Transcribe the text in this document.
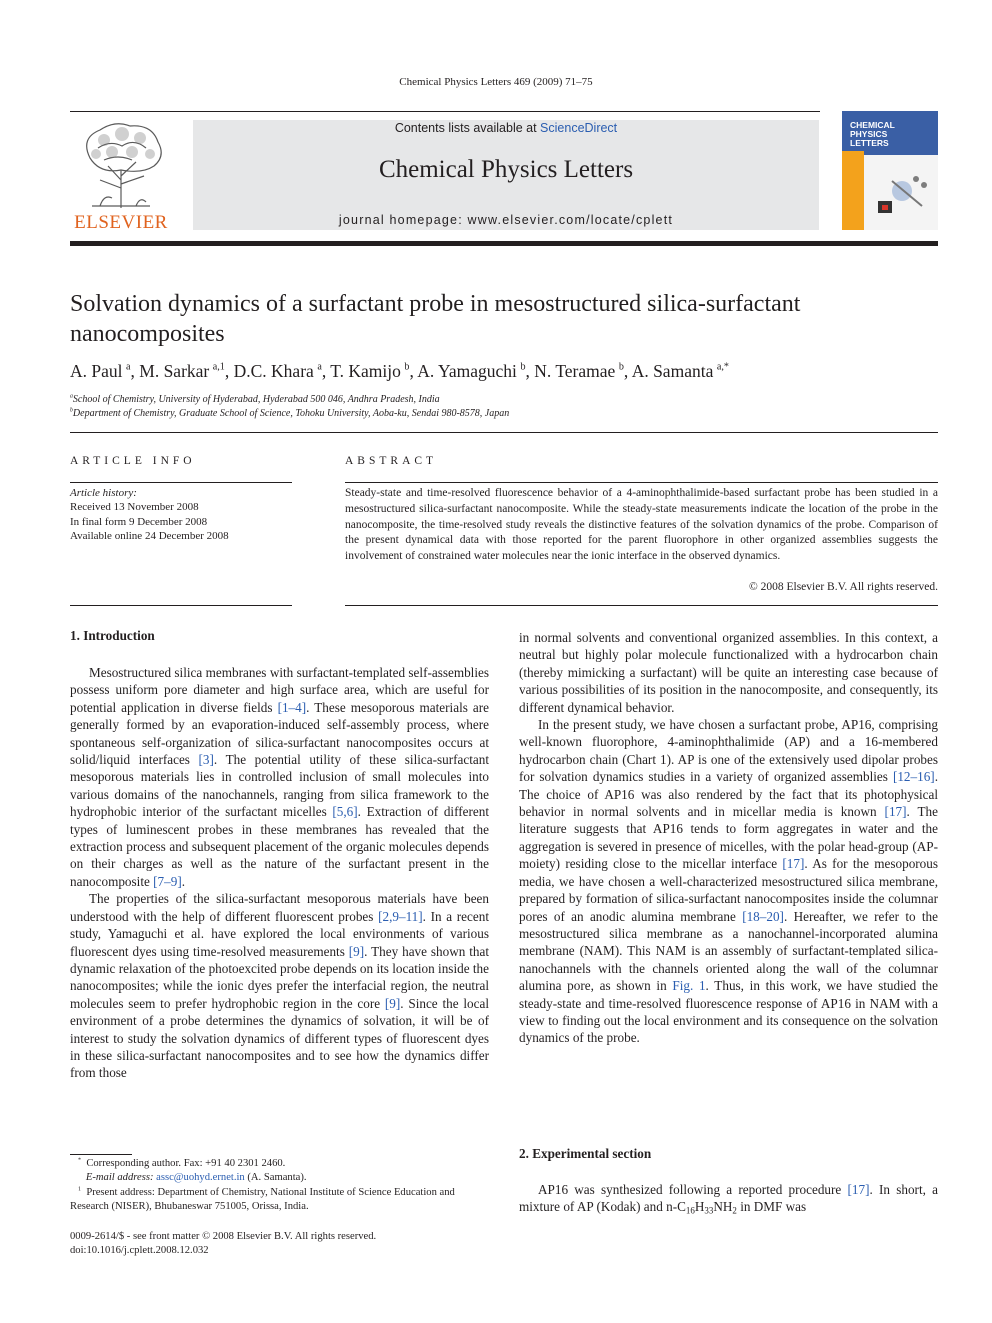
Chemical Physics Letters 469 (2009) 71–75
ELSEVIER
Contents lists available at ScienceDirect
Chemical Physics Letters
journal homepage: www.elsevier.com/locate/cplett
CHEMICAL
PHYSICS
LETTERS
Solvation dynamics of a surfactant probe in mesostructured silica-surfactant nanocomposites
A. Paul  $^a$, M. Sarkar  $^{a,1}$, D.C. Khara  $^a$, T. Kamijo  $^b$, A. Yamaguchi  $^b$, N. Teramae  $^b$, A. Samanta  $^{a,*}$
$^a$School of Chemistry, University of Hyderabad, Hyderabad 500 046, Andhra Pradesh, India
$^b$Department of Chemistry, Graduate School of Science, Tohoku University, Aoba-ku, Sendai 980-8578, Japan
ARTICLE INFO	ABSTRACT
Article history:
Received 13 November 2008
In final form 9 December 2008
Available online 24 December 2008
Steady-state and time-resolved fluorescence behavior of a 4-aminophthalimide-based surfactant probe has been studied in a mesostructured silica-surfactant nanocomposite. While the steady-state measurements indicate the location of the probe in the nanocomposite, the time-resolved study reveals the distinctive features of the solvation dynamics of the probe. Comparison of the present dynamical data with those reported for the parent fluorophore in other organized assemblies suggests the involvement of constrained water molecules near the ionic interface in the observed dynamics.
© 2008 Elsevier B.V. All rights reserved.
1. Introduction

Mesostructured silica membranes with surfactant-templated self-assemblies possess uniform pore diameter and high surface area, which are useful for potential application in diverse fields [1–4]. These mesoporous materials are generally formed by an evaporation-induced self-assembly process, where spontaneous self-organization of silica-surfactant nanocomposites occurs at solid/liquid interfaces [3]. The potential utility of these silica-surfactant mesoporous materials lies in controlled inclusion of small molecules into various domains of the nanochannels, ranging from silica framework to the hydrophobic interior of the surfactant micelles [5,6]. Extraction of different types of luminescent probes in these membranes has revealed that the extraction process and subsequent placement of the organic molecules depends on their charges as well as the nature of the surfactant present in the nanocomposite [7–9].

The properties of the silica-surfactant mesoporous materials have been understood with the help of different fluorescent probes [2,9–11]. In a recent study, Yamaguchi et al. have explored the local environments of various fluorescent dyes using time-resolved measurements [9]. They have shown that dynamic relaxation of the photoexcited probe depends on its location inside the nanocomposites; while the ionic dyes prefer the interfacial region, the neutral molecules seem to prefer hydrophobic region in the core [9]. Since the local environment of a probe determines the dynamics of solvation, it will be of interest to study the solvation dynamics of different types of fluorescent dyes in these silica-surfactant nanocomposites and to see how the dynamics differ from those

in normal solvents and conventional organized assemblies. In this context, a neutral but highly polar molecule functionalized with a hydrocarbon chain (thereby mimicking a surfactant) will be quite an interesting case because of various possibilities of its position in the nanocomposite, and consequently, its different dynamical behavior.

In the present study, we have chosen a surfactant probe, AP16, comprising well-known fluorophore, 4-aminophthalimide (AP) and a 16-membered hydrocarbon chain (Chart 1). AP is one of the extensively used dipolar probes for solvation dynamics studies in a variety of organized assemblies [12–16]. The choice of AP16 was also rendered by the fact that its photophysical behavior in normal solvents and in micellar media is known [17]. The literature suggests that AP16 tends to form aggregates in water and the aggregation is severed in presence of micelles, with the polar head-group (AP-moiety) residing close to the micellar interface [17]. As for the mesoporous media, we have chosen a well-characterized mesostructured silica membrane, prepared by formation of silica-surfactant nanocomposites inside the columnar pores of an anodic alumina membrane [18–20]. Hereafter, we refer to the mesostructured silica membrane as a nanochannel-incorporated alumina membrane (NAM). This NAM is an assembly of surfactant-templated silica-nanochannels with the channels oriented along the wall of the columnar alumina pore, as shown in Fig. 1. Thus, in this work, we have studied the steady-state and time-resolved fluorescence response of AP16 in NAM with a view to finding out the local environment and its consequence on the solvation dynamics of the probe.

2. Experimental section

AP16 was synthesized following a reported procedure [17]. In short, a mixture of AP (Kodak) and $n-C_{16}H_{33}NH_2$ in DMF was

* Corresponding author. Fax: +91 40 2301 2460.
E-mail address: assc@uohyd.ernet.in (A. Samanta).
$^1$ Present address: Department of Chemistry, National Institute of Science Education and Research (NISER), Bhubaneswar 751005, Orissa, India.
0009-2614/$ - see front matter © 2008 Elsevier B.V. All rights reserved.
doi:10.1016/j.cplett.2008.12.032
